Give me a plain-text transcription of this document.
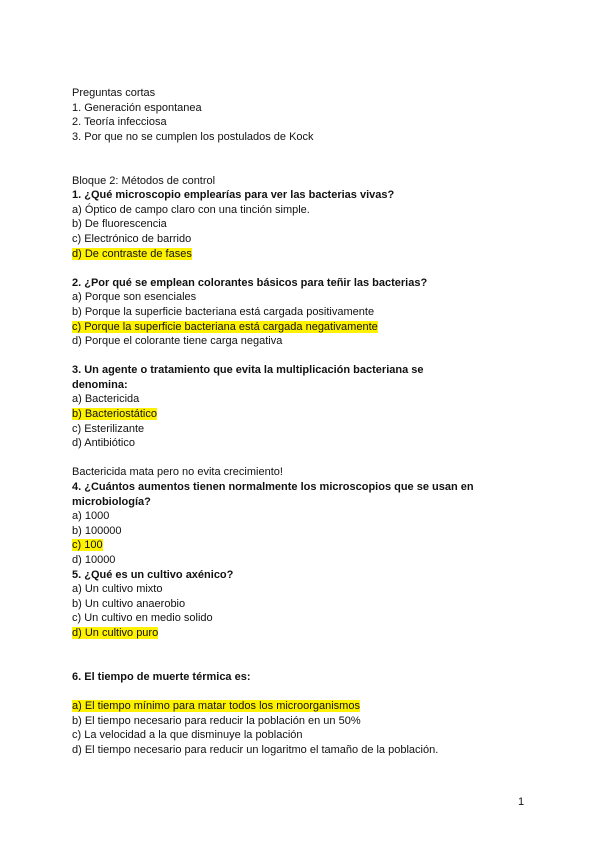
Preguntas cortas
1. Generación espontanea
2. Teoría infecciosa
3. Por que no se cumplen los postulados de Kock
Bloque 2: Métodos de control
1. ¿Qué microscopio emplearías para ver las bacterias vivas?
a) Óptico de campo claro con una tinción simple.
b) De fluorescencia
c) Electrónico de barrido
d) De contraste de fases
2. ¿Por qué se emplean colorantes básicos para teñir las bacterias?
a) Porque son esenciales
b) Porque la superficie bacteriana está cargada positivamente
c) Porque la superficie bacteriana está cargada negativamente
d) Porque el colorante tiene carga negativa
3. Un agente o tratamiento que evita la multiplicación bacteriana se denomina:
a) Bactericida
b) Bacteriostático
c) Esterilizante
d) Antibiótico
Bactericida mata pero no evita crecimiento!
4. ¿Cuántos aumentos tienen normalmente los microscopios que se usan en microbiología?
a) 1000
b) 100000
c) 100
d) 10000
5. ¿Qué es un cultivo axénico?
a) Un cultivo mixto
b) Un cultivo anaerobio
c) Un cultivo en medio solido
d) Un cultivo puro
6. El tiempo de muerte térmica es:
a) El tiempo mínimo para matar todos los microorganismos
b) El tiempo necesario para reducir la población en un 50%
c) La velocidad a la que disminuye la población
d) El tiempo necesario para reducir un logaritmo el tamaño de la población.
1
